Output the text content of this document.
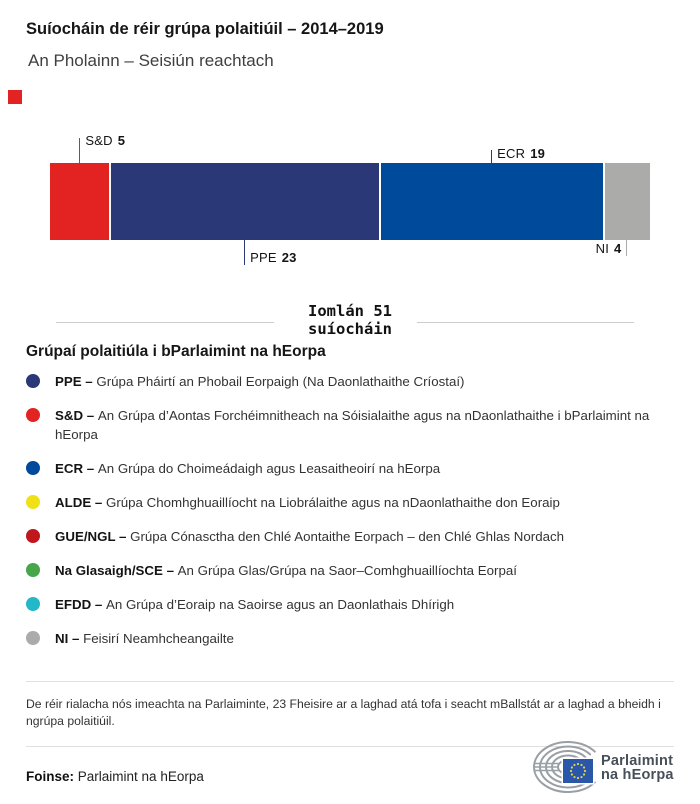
Suíocháin de réir grúpa polaitiúil – 2014–2019
An Pholainn – Seisiún reachtach
S&D 5
PPE 23
ECR 19
NI 4
Iomlán 51
suíocháin
Grúpaí polaitiúla i bParlaimint na hEorpa
PPE – Grúpa Pháirtí an Phobail Eorpaigh (Na Daonlathaithe Críostaí)
S&D – An Grúpa d’Aontas Forchéimnitheach na Sóisialaithe agus na nDaonlathaithe i bParlaimint na hEorpa
ECR – An Grúpa do Choimeádaigh agus Leasaitheoirí na hEorpa
ALDE – Grúpa Chomhghuaillíocht na Liobrálaithe agus na nDaonlathaithe don Eoraip
GUE/NGL – Grúpa Cónasctha den Chlé Aontaithe Eorpach – den Chlé Ghlas Nordach
Na Glasaigh/SCE – An Grúpa Glas/Grúpa na Saor–Comhghuaillíochta Eorpaí
EFDD – An Grúpa d’Eoraip na Saoirse agus an Daonlathais Dhírigh
NI – Feisirí Neamhcheangailte
De réir rialacha nós imeachta na Parlaiminte, 23 Fheisire ar a laghad atá tofa i seacht mBallstát ar a laghad a bheidh i ngrúpa polaitiúil.
Foinse: Parlaimint na hEorpa
Parlaimint
na hEorpa
